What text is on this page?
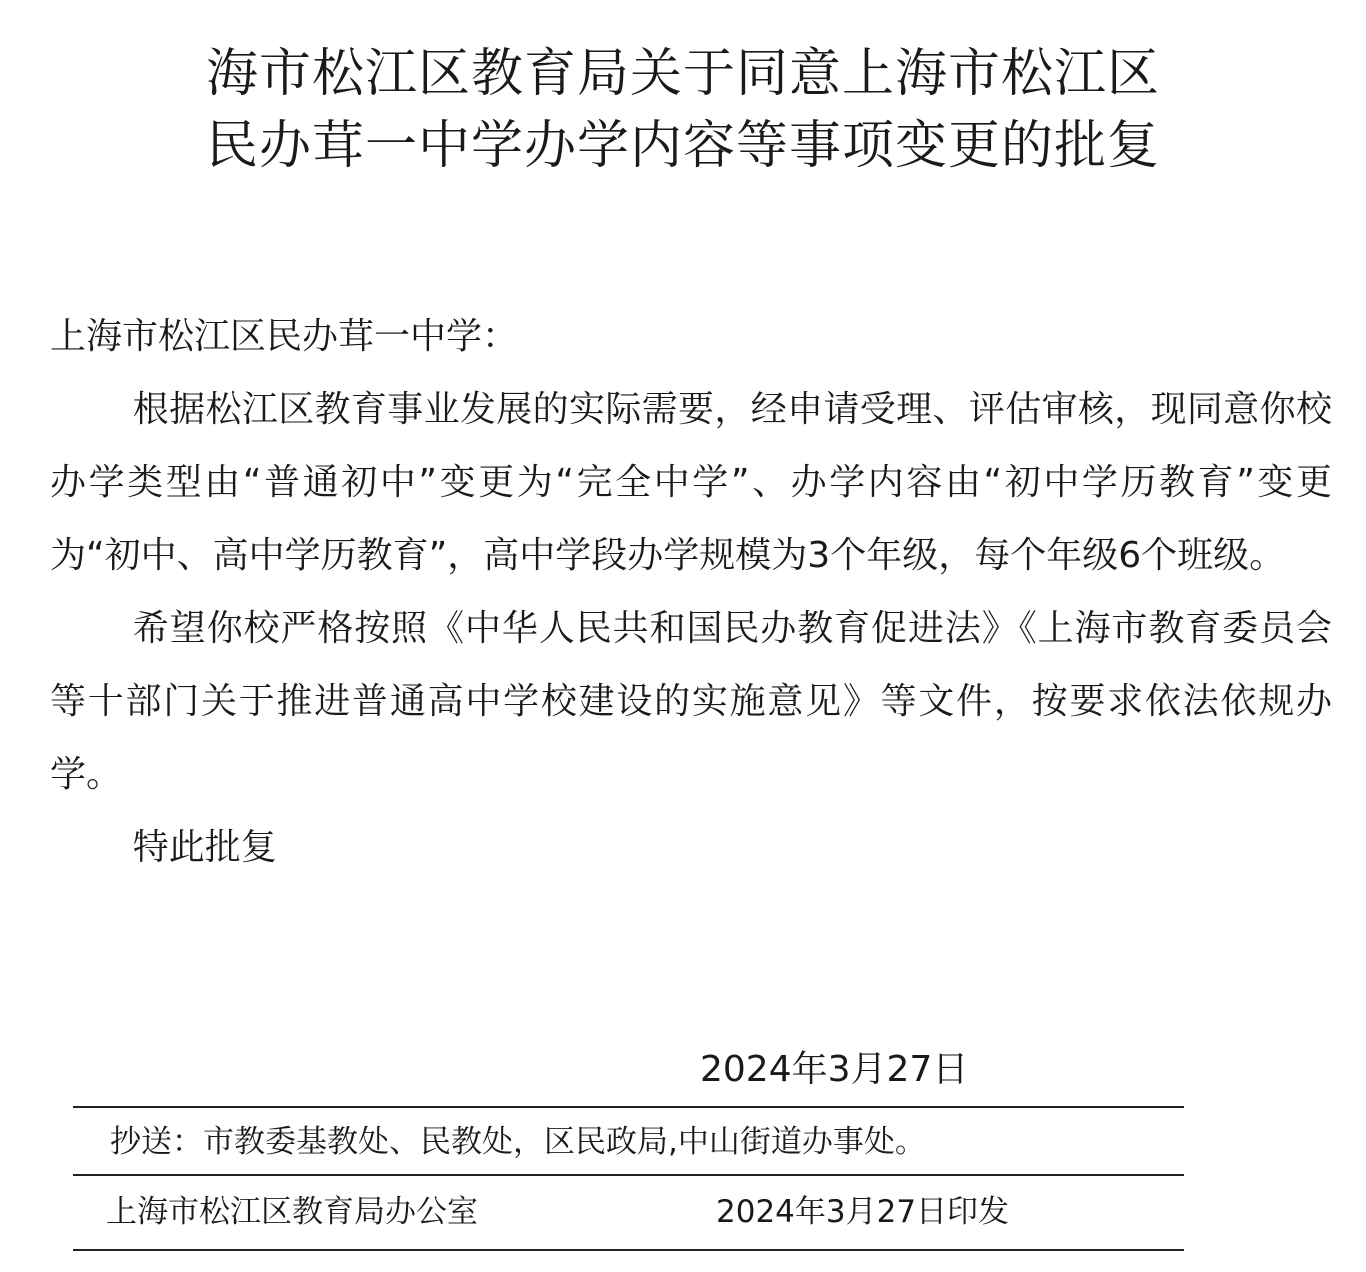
海市松江区教育局关于同意上海市松江区
民办茸一中学办学内容等事项变更的批复

上海市松江区民办茸一中学：

根据松江区教育事业发展的实际需要，经申请受理、评估审核，现同意你校办学类型由“普通初中”变更为“完全中学”、办学内容由“初中学历教育”变更为“初中、高中学历教育”，高中学段办学规模为3个年级，每个年级6个班级。

希望你校严格按照《中华人民共和国民办教育促进法》《上海市教育委员会等十部门关于推进普通高中学校建设的实施意见》等文件，按要求依法依规办学。

特此批复

2024年3月27日
抄送：市教委基教处、民教处，区民政局,中山街道办事处。
上海市松江区教育局办公室	2024年3月27日印发
